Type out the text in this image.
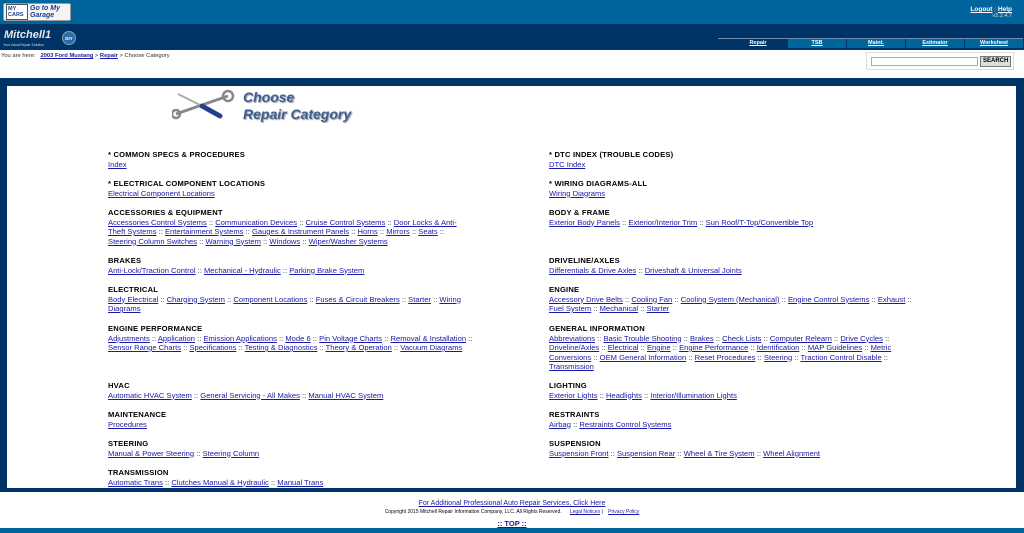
MY CARS
Go to My Garage
Logout | Help
v2.2.4.7
Mitchell1
Your eAutoRepair Solution
DIY
Repair	TSB	Maint.	Estimator	Worksheet
You are here: 2003 Ford Mustang > Repair > Choose Category
SEARCH
Choose
Repair Category
* COMMON SPECS & PROCEDURES
Index
* DTC INDEX (TROUBLE CODES)
DTC Index
* ELECTRICAL COMPONENT LOCATIONS
Electrical Component Locations
* WIRING DIAGRAMS-ALL
Wiring Diagrams
ACCESSORIES & EQUIPMENT
Accessories Control Systems :: Communication Devices :: Cruise Control Systems :: Door Locks & Anti-Theft Systems :: Entertainment Systems :: Gauges & Instrument Panels :: Horns :: Mirrors :: Seats :: Steering Column Switches :: Warning System :: Windows :: Wiper/Washer Systems
BODY & FRAME
Exterior Body Panels :: Exterior/Interior Trim :: Sun Roof/T-Top/Convertible Top
BRAKES
Anti-Lock/Traction Control :: Mechanical - Hydraulic :: Parking Brake System
DRIVELINE/AXLES
Differentials & Drive Axles :: Driveshaft & Universal Joints
ELECTRICAL
Body Electrical :: Charging System :: Component Locations :: Fuses & Circuit Breakers :: Starter :: Wiring Diagrams
ENGINE
Accessory Drive Belts :: Cooling Fan :: Cooling System (Mechanical) :: Engine Control Systems :: Exhaust :: Fuel System :: Mechanical :: Starter
ENGINE PERFORMANCE
Adjustments :: Application :: Emission Applications :: Mode 6 :: Pin Voltage Charts :: Removal & Installation :: Sensor Range Charts :: Specifications :: Testing & Diagnostics :: Theory & Operation :: Vacuum Diagrams
GENERAL INFORMATION
Abbreviations :: Basic Trouble Shooting :: Brakes :: Check Lists :: Computer Relearn :: Drive Cycles :: Driveline/Axles :: Electrical :: Engine :: Engine Performance :: Identification :: MAP Guidelines :: Metric Conversions :: OEM General Information :: Reset Procedures :: Steering :: Traction Control Disable :: Transmission
HVAC
Automatic HVAC System :: General Servicing - All Makes :: Manual HVAC System
LIGHTING
Exterior Lights :: Headlights :: Interior/Illumination Lights
MAINTENANCE
Procedures
RESTRAINTS
Airbag :: Restraints Control Systems
STEERING
Manual & Power Steering :: Steering Column
SUSPENSION
Suspension Front :: Suspension Rear :: Wheel & Tire System :: Wheel Alignment
TRANSMISSION
Automatic Trans :: Clutches Manual & Hydraulic :: Manual Trans
For Additional Professional Auto Repair Services, Click Here
Copyright 2015 Mitchell Repair Information Company, LLC. All Rights Reserved. Legal Notices | Privacy Policy
:: TOP ::
